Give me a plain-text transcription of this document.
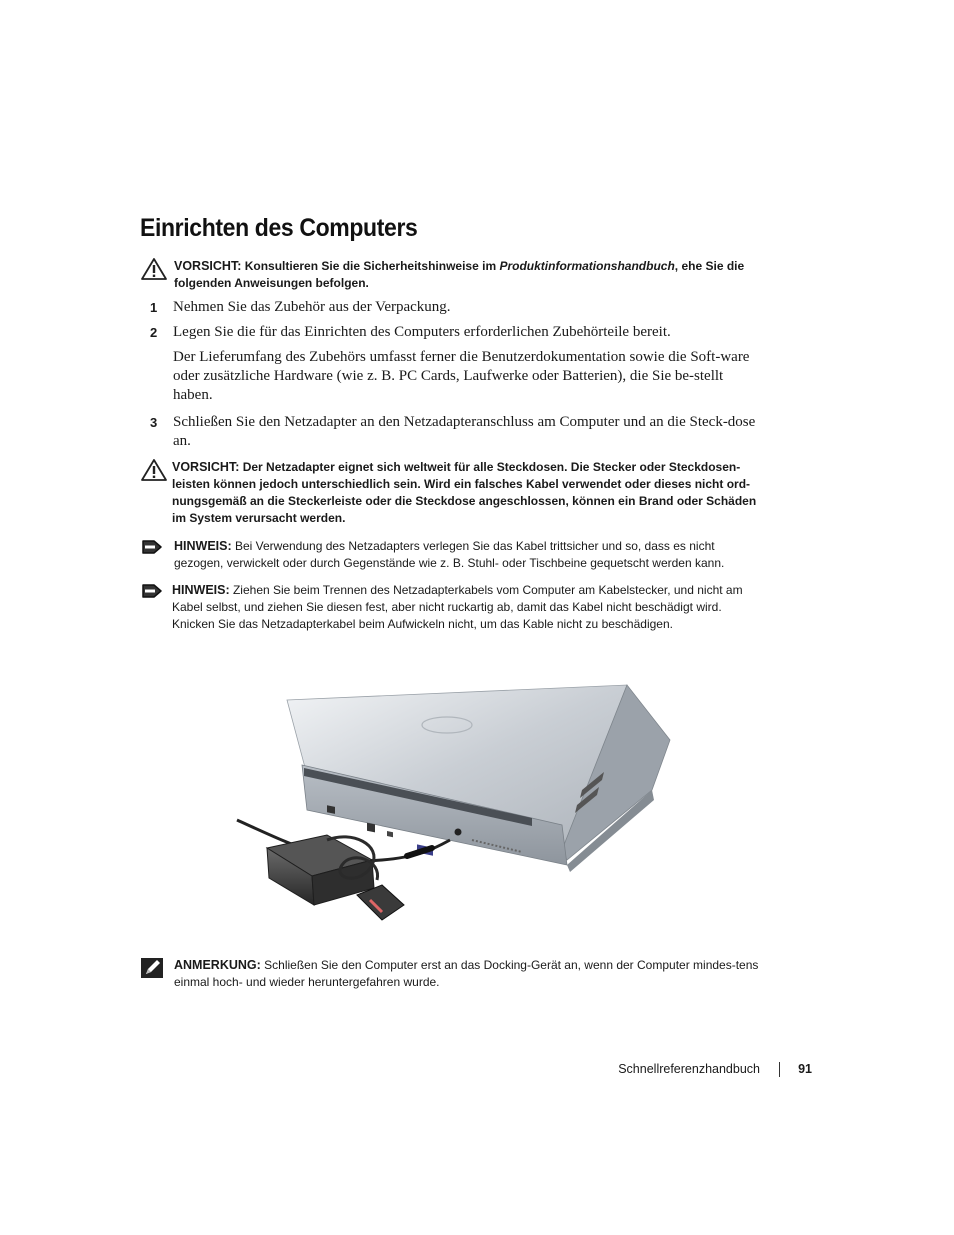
Einrichten des Computers
VORSICHT: Konsultieren Sie die Sicherheitshinweise im Produktinformationshandbuch, ehe Sie die folgenden Anweisungen befolgen.
1 Nehmen Sie das Zubehör aus der Verpackung.
2 Legen Sie die für das Einrichten des Computers erforderlichen Zubehörteile bereit.
Der Lieferumfang des Zubehörs umfasst ferner die Benutzerdokumentation sowie die Soft-ware oder zusätzliche Hardware (wie z. B. PC Cards, Laufwerke oder Batterien), die Sie be-stellt haben.
3 Schließen Sie den Netzadapter an den Netzadapteranschluss am Computer und an die Steck-dose an.
VORSICHT: Der Netzadapter eignet sich weltweit für alle Steckdosen. Die Stecker oder Steckdosen-leisten können jedoch unterschiedlich sein. Wird ein falsches Kabel verwendet oder dieses nicht ord-nungsgemäß an die Steckerleiste oder die Steckdose angeschlossen, können ein Brand oder Schäden im System verursacht werden.
HINWEIS: Bei Verwendung des Netzadapters verlegen Sie das Kabel trittsicher und so, dass es nicht gezogen, verwickelt oder durch Gegenstände wie z. B. Stuhl- oder Tischbeine gequetscht werden kann.
HINWEIS: Ziehen Sie beim Trennen des Netzadapterkabels vom Computer am Kabelstecker, und nicht am Kabel selbst, und ziehen Sie diesen fest, aber nicht ruckartig ab, damit das Kabel nicht beschädigt wird. Knicken Sie das Netzadapterkabel beim Aufwickeln nicht, um das Kable nicht zu beschädigen.
ANMERKUNG: Schließen Sie den Computer erst an das Docking-Gerät an, wenn der Computer mindes-tens einmal hoch- und wieder heruntergefahren wurde.
Schnellreferenzhandbuch	91
